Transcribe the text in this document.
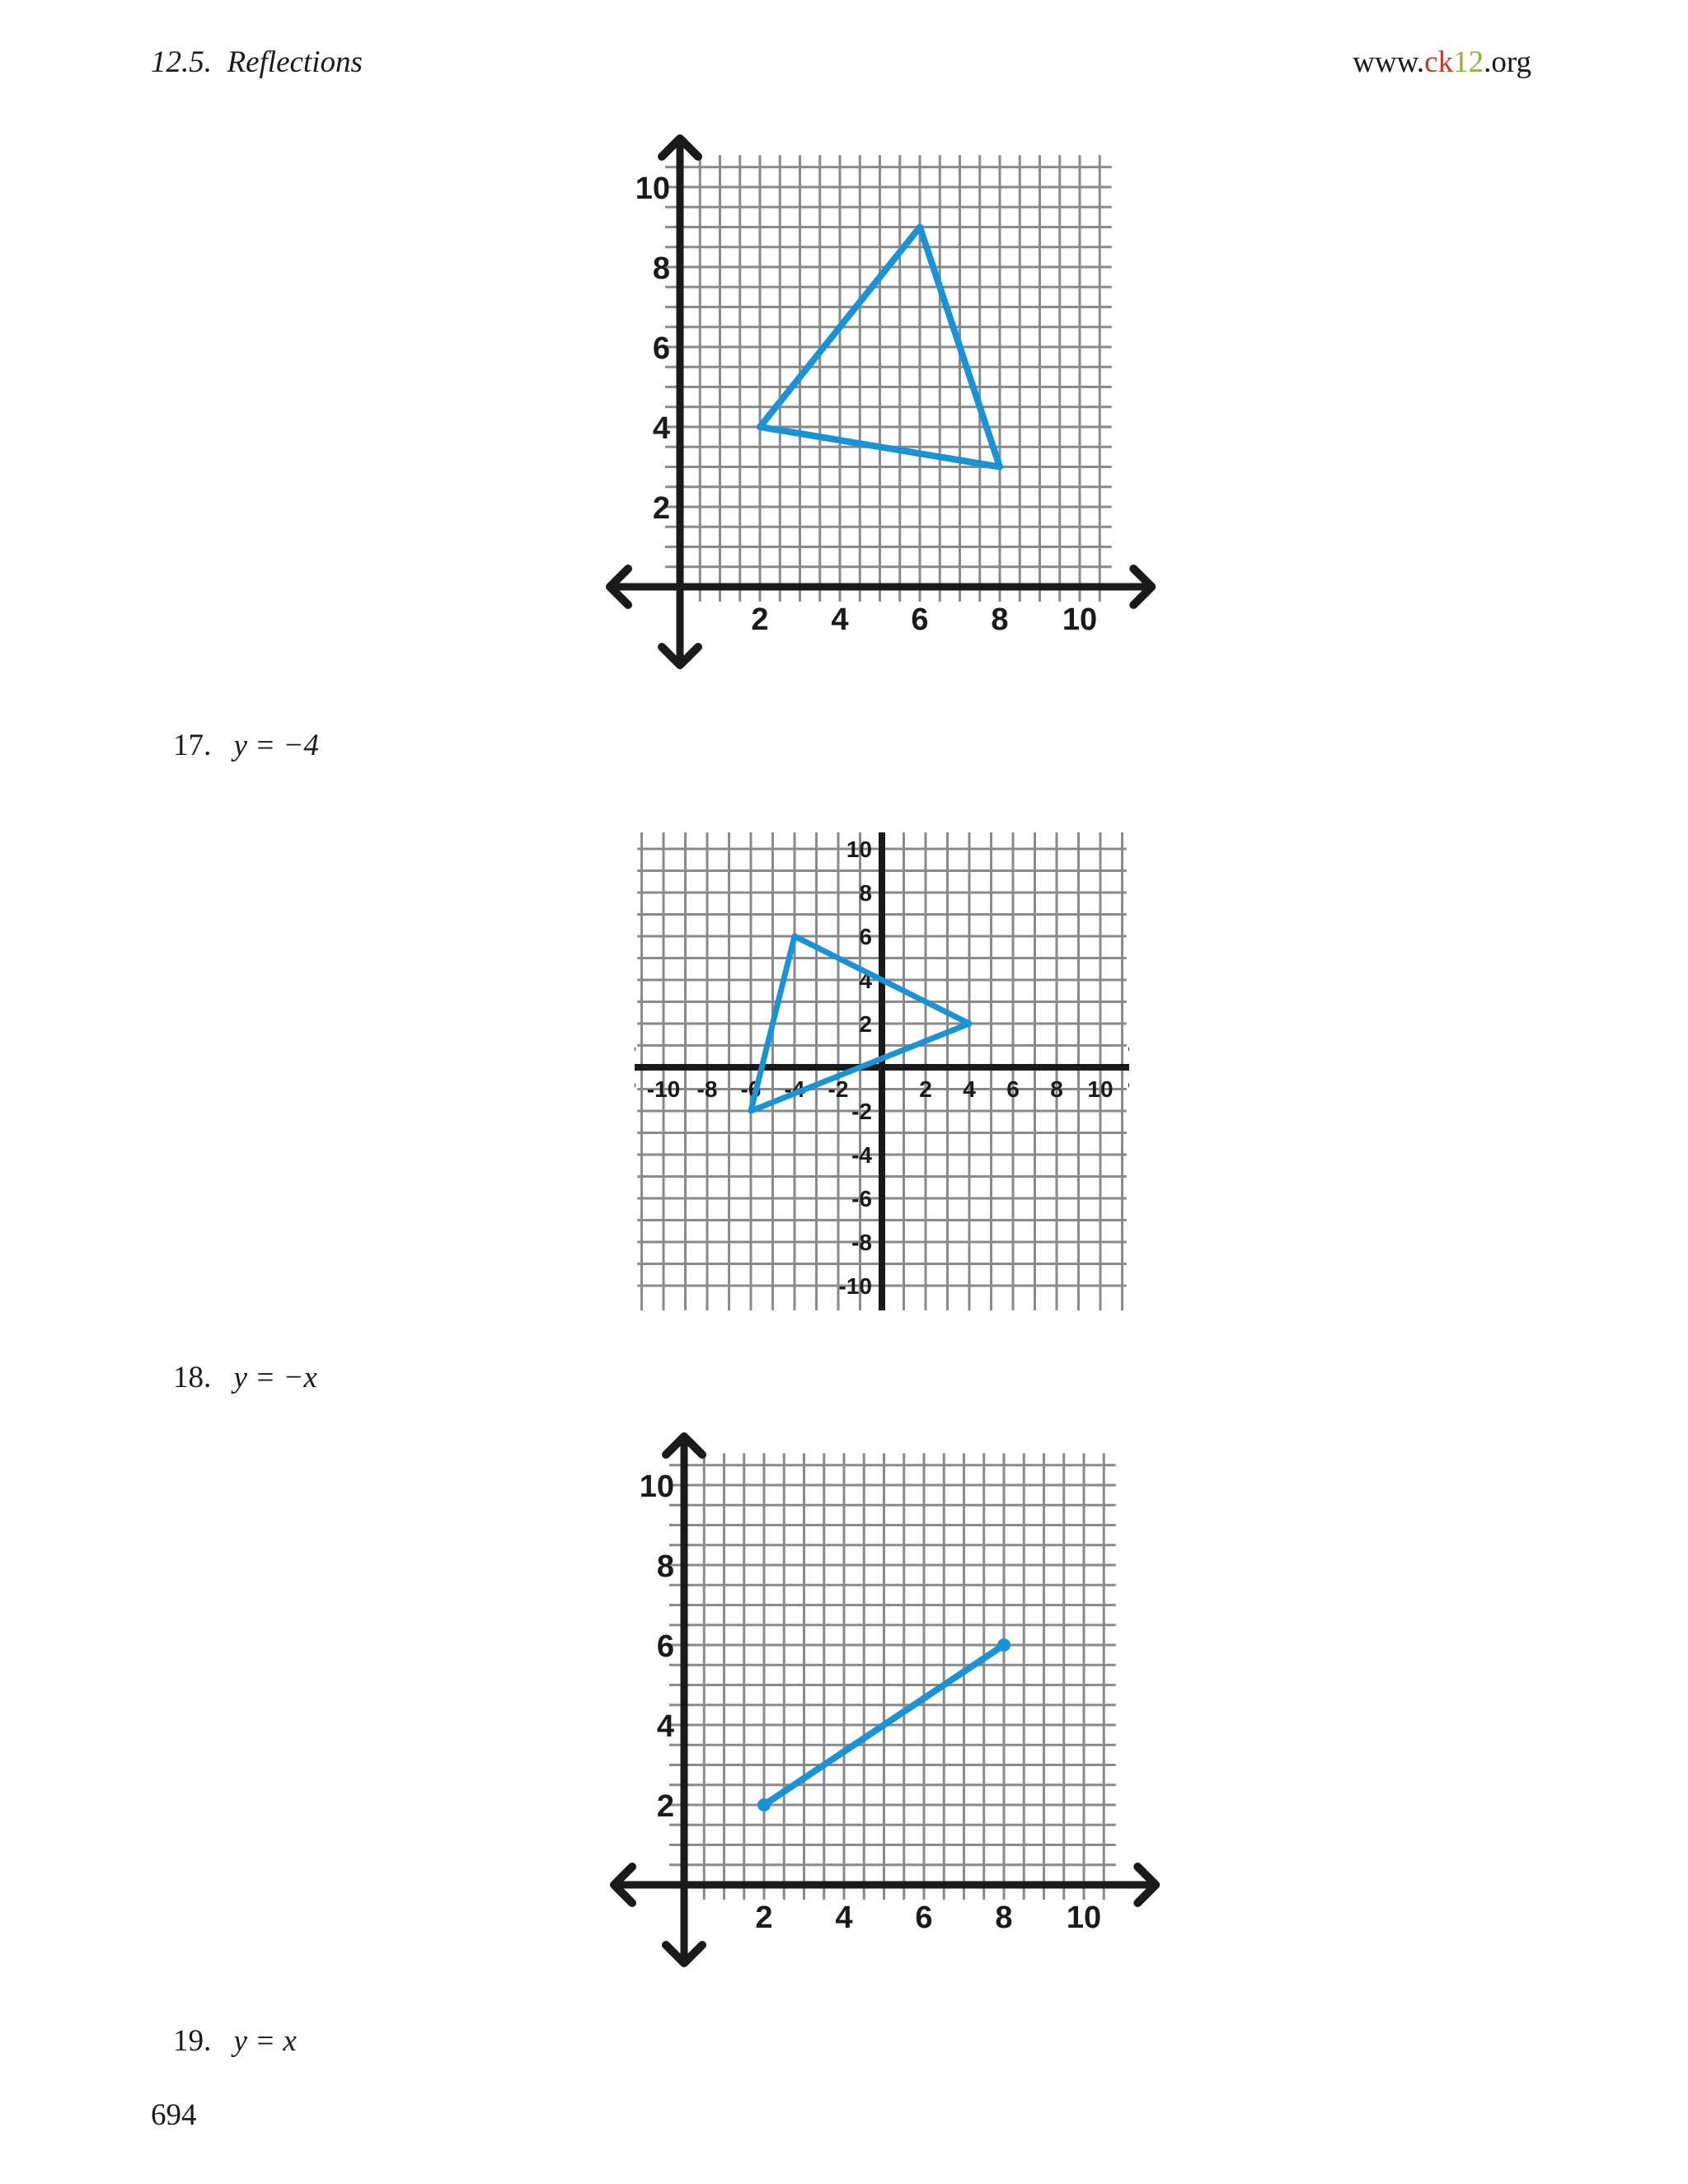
12.5. Reflections	www.ck12.org
2 4 6 8 10
2
4
6
8
10
17. y = −4
-10 -8 -6 -4 -2	2 4 6 8 10
10
8
6
4
2
-2
-4
-6
-8
-10
18. y = −x
2 4 6 8 10
2
4
6
8
10
19. y = x
694
